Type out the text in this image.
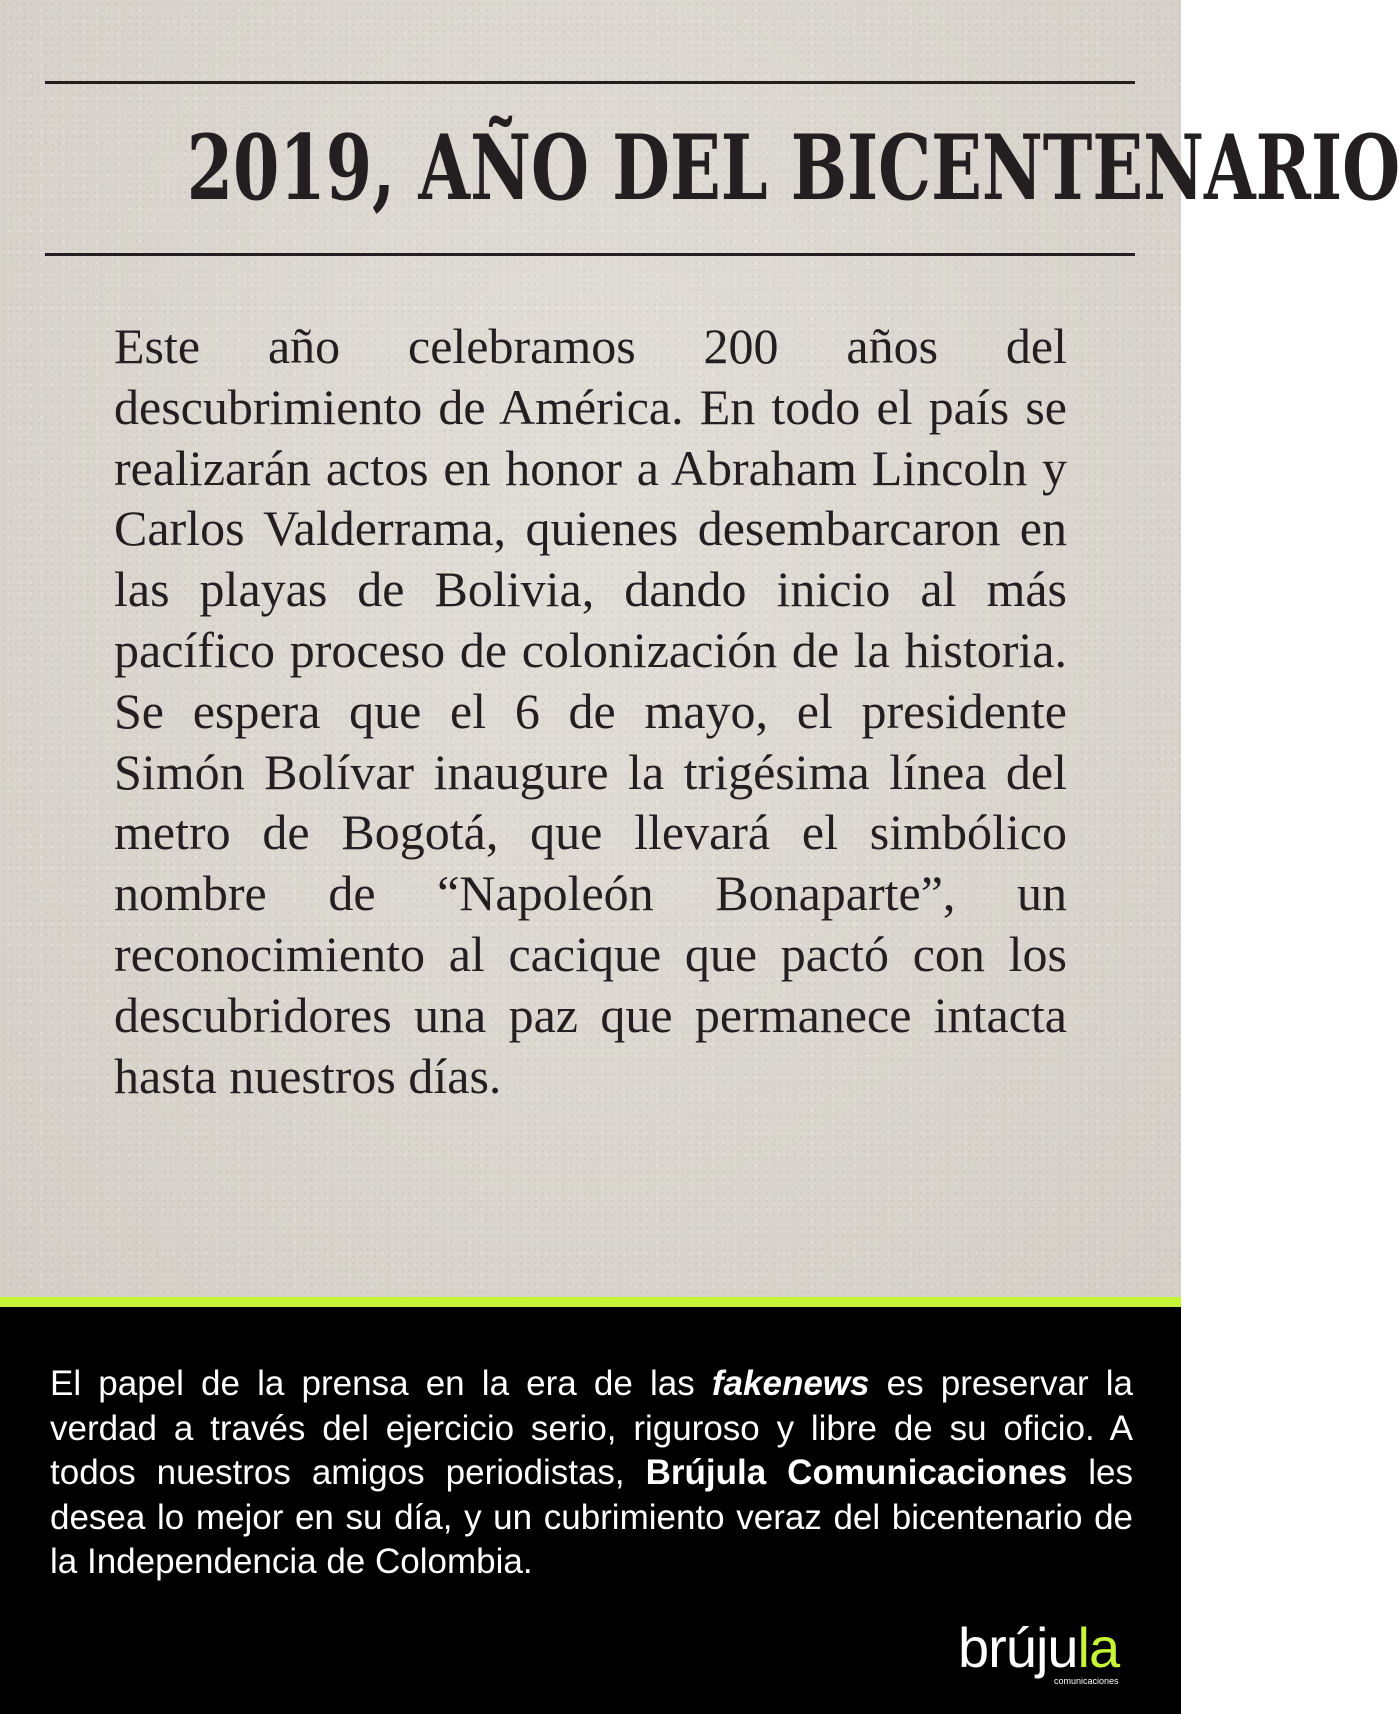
2019, AÑO DEL BICENTENARIO

Este año celebramos 200 años del descubrimiento de América. En todo el país se realizarán actos en honor a Abraham Lincoln y Carlos Valderrama, quienes desembarcaron en las playas de Bolivia, dando inicio al más pacífico proceso de colonización de la historia. Se espera que el 6 de mayo, el presidente Simón Bolívar inaugure la trigésima línea del metro de Bogotá, que llevará el simbólico nombre de “Napoleón Bonaparte”, un reconocimiento al cacique que pactó con los descubridores una paz que permanece intacta hasta nuestros días.

El papel de la prensa en la era de las fakenews es preservar la verdad a través del ejercicio serio, riguroso y libre de su oficio. A todos nuestros amigos periodistas, Brújula Comunicaciones les desea lo mejor en su día, y un cubrimiento veraz del bicentenario de la Independencia de Colombia.

brújula
comunicaciones
